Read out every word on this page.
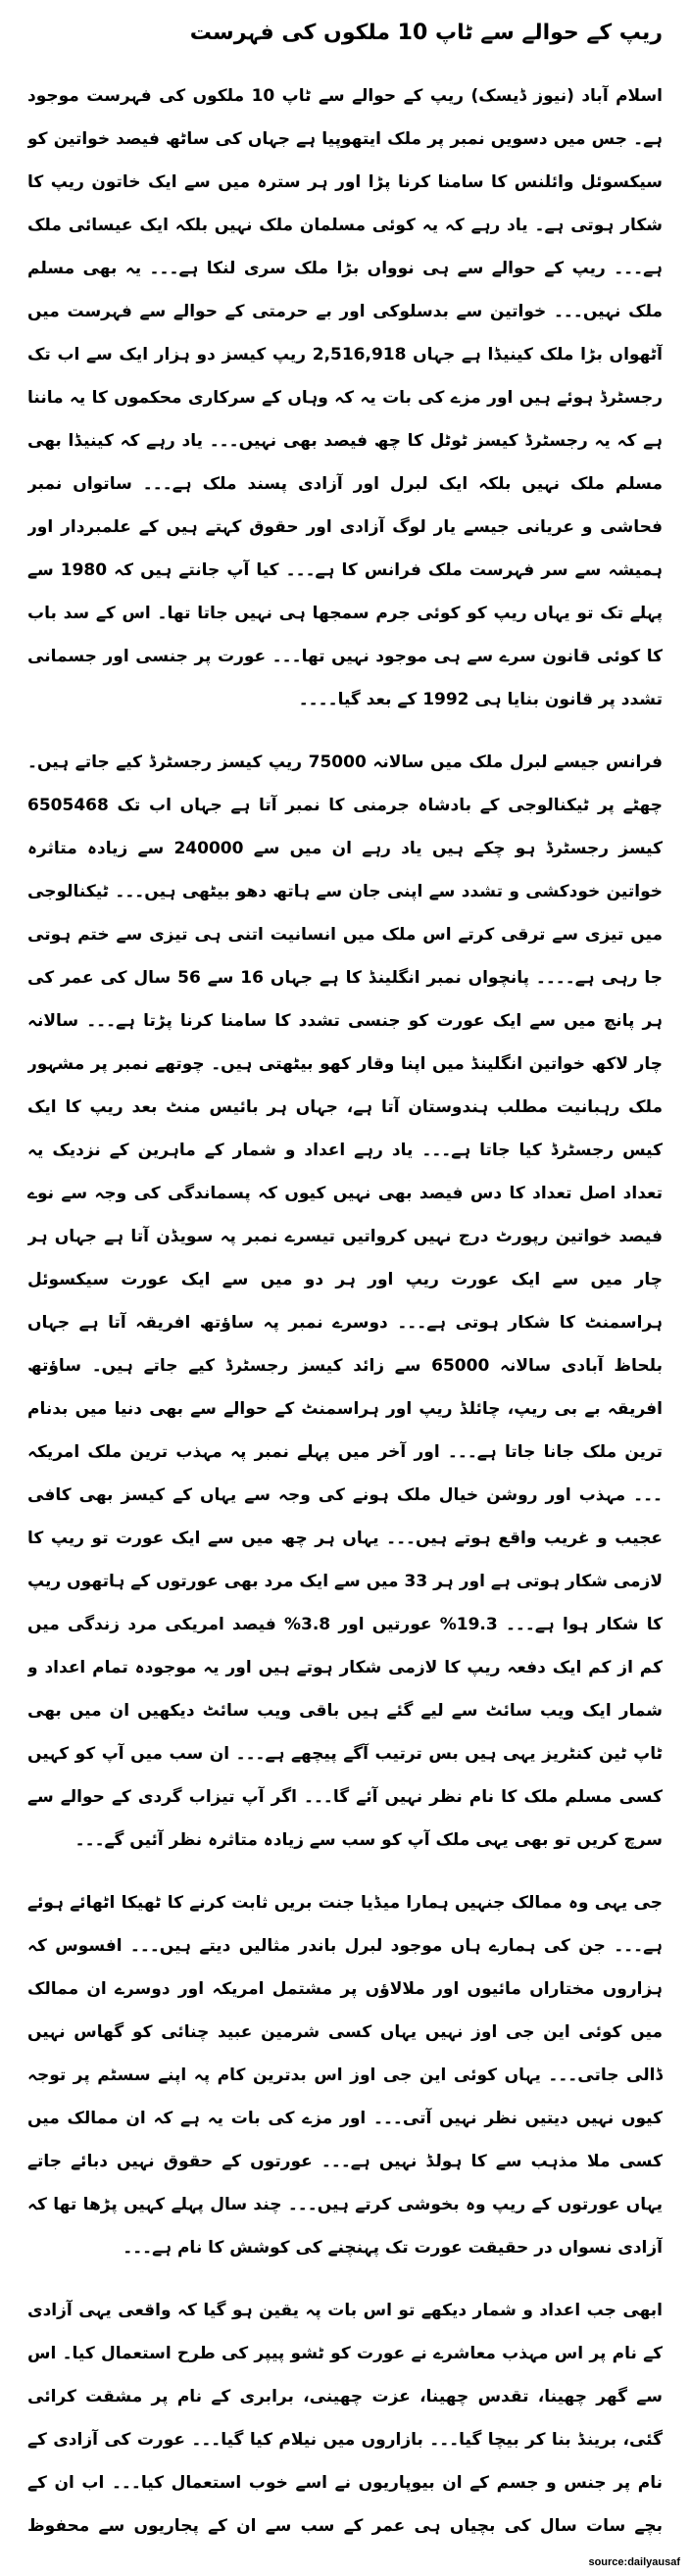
ریپ کے حوالے سے ٹاپ 10 ملکوں کی فہرست

اسلام آباد (نیوز ڈیسک) ریپ کے حوالے سے ٹاپ 10 ملکوں کی فہرست موجود ہے۔ جس میں دسویں نمبر پر ملک ایتھوپیا ہے جہاں کی ساٹھ فیصد خواتین کو سیکسوئل وائلنس کا سامنا کرنا پڑا اور ہر سترہ میں سے ایک خاتون ریپ کا شکار ہوتی ہے۔ یاد رہے کہ یہ کوئی مسلمان ملک نہیں بلکہ ایک عیسائی ملک ہے۔۔۔ ریپ کے حوالے سے ہی نوواں بڑا ملک سری لنکا ہے۔۔۔ یہ بھی مسلم ملک نہیں۔۔۔ خواتین سے بدسلوکی اور بے حرمتی کے حوالے سے فہرست میں آٹھواں بڑا ملک کینیڈا ہے جہاں 2,516,918 ریپ کیسز دو ہزار ایک سے اب تک رجسٹرڈ ہوئے ہیں اور مزے کی بات یہ کہ وہاں کے سرکاری محکموں کا یہ ماننا ہے کہ یہ رجسٹرڈ کیسز ٹوٹل کا چھ فیصد بھی نہیں۔۔۔ یاد رہے کہ کینیڈا بھی مسلم ملک نہیں بلکہ ایک لبرل اور آزادی پسند ملک ہے۔۔۔ ساتواں نمبر فحاشی و عریانی جیسے یار لوگ آزادی اور حقوق کہتے ہیں کے علمبردار اور ہمیشہ سے سر فہرست ملک فرانس کا ہے۔۔۔ کیا آپ جانتے ہیں کہ 1980 سے پہلے تک تو یہاں ریپ کو کوئی جرم سمجھا ہی نہیں جاتا تھا۔ اس کے سد باب کا کوئی قانون سرے سے ہی موجود نہیں تھا۔۔۔ عورت پر جنسی اور جسمانی تشدد پر قانون بنایا ہی 1992 کے بعد گیا۔۔۔۔

فرانس جیسے لبرل ملک میں سالانہ 75000 ریپ کیسز رجسٹرڈ کیے جاتے ہیں۔ چھٹے پر ٹیکنالوجی کے بادشاہ جرمنی کا نمبر آتا ہے جہاں اب تک 6505468 کیسز رجسٹرڈ ہو چکے ہیں یاد رہے ان میں سے 240000 سے زیادہ متاثرہ خواتین خودکشی و تشدد سے اپنی جان سے ہاتھ دھو بیٹھی ہیں۔۔۔ ٹیکنالوجی میں تیزی سے ترقی کرتے اس ملک میں انسانیت اتنی ہی تیزی سے ختم ہوتی جا رہی ہے۔۔۔۔ پانچواں نمبر انگلینڈ کا ہے جہاں 16 سے 56 سال کی عمر کی ہر پانچ میں سے ایک عورت کو جنسی تشدد کا سامنا کرنا پڑتا ہے۔۔۔ سالانہ چار لاکھ خواتین انگلینڈ میں اپنا وقار کھو بیٹھتی ہیں۔ چوتھے نمبر پر مشہور ملک رہبانیت مطلب ہندوستان آتا ہے، جہاں ہر بائیس منٹ بعد ریپ کا ایک کیس رجسٹرڈ کیا جاتا ہے۔۔۔ یاد رہے اعداد و شمار کے ماہرین کے نزدیک یہ تعداد اصل تعداد کا دس فیصد بھی نہیں کیوں کہ پسماندگی کی وجہ سے نوے فیصد خواتین رپورٹ درج نہیں کرواتیں تیسرے نمبر پہ سویڈن آتا ہے جہاں ہر چار میں سے ایک عورت ریپ اور ہر دو میں سے ایک عورت سیکسوئل ہراسمنٹ کا شکار ہوتی ہے۔۔۔ دوسرے نمبر پہ ساؤتھ افریقہ آتا ہے جہاں بلحاظ آبادی سالانہ 65000 سے زائد کیسز رجسٹرڈ کیے جاتے ہیں۔ ساؤتھ افریقہ بے بی ریپ، چائلڈ ریپ اور ہراسمنٹ کے حوالے سے بھی دنیا میں بدنام ترین ملک جانا جاتا ہے۔۔۔ اور آخر میں پہلے نمبر پہ مہذب ترین ملک امریکہ ۔۔۔ مہذب اور روشن خیال ملک ہونے کی وجہ سے یہاں کے کیسز بھی کافی عجیب و غریب واقع ہوتے ہیں۔۔۔ یہاں ہر چھ میں سے ایک عورت تو ریپ کا لازمی شکار ہوتی ہے اور ہر 33 میں سے ایک مرد بھی عورتوں کے ہاتھوں ریپ کا شکار ہوا ہے۔۔۔ 19.3% عورتیں اور 3.8% فیصد امریکی مرد زندگی میں کم از کم ایک دفعہ ریپ کا لازمی شکار ہوتے ہیں اور یہ موجودہ تمام اعداد و شمار ایک ویب سائٹ سے لیے گئے ہیں باقی ویب سائٹ دیکھیں ان میں بھی ٹاپ ٹین کنٹریز یہی ہیں بس ترتیب آگے پیچھے ہے۔۔۔ ان سب میں آپ کو کہیں کسی مسلم ملک کا نام نظر نہیں آئے گا۔۔۔ اگر آپ تیزاب گردی کے حوالے سے سرچ کریں تو بھی یہی ملک آپ کو سب سے زیادہ متاثرہ نظر آئیں گے۔۔۔

جی یہی وہ ممالک جنہیں ہمارا میڈیا جنت بریں ثابت کرنے کا ٹھیکا اٹھائے ہوئے ہے۔۔۔ جن کی ہمارے ہاں موجود لبرل باندر مثالیں دیتے ہیں۔۔۔ افسوس کہ ہزاروں مختاراں مائیوں اور ملالاؤں پر مشتمل امریکہ اور دوسرے ان ممالک میں کوئی این جی اوز نہیں یہاں کسی شرمین عبید چنائی کو گھاس نہیں ڈالی جاتی۔۔۔ یہاں کوئی این جی اوز اس بدترین کام پہ اپنے سسٹم پر توجہ کیوں نہیں دیتیں نظر نہیں آتی۔۔۔ اور مزے کی بات یہ ہے کہ ان ممالک میں کسی ملا مذہب سے کا ہولڈ نہیں ہے۔۔۔ عورتوں کے حقوق نہیں دبائے جاتے یہاں عورتوں کے ریپ وہ بخوشی کرتے ہیں۔۔۔ چند سال پہلے کہیں پڑھا تھا کہ آزادی نسواں در حقیقت عورت تک پہنچنے کی کوشش کا نام ہے۔۔۔

ابھی جب اعداد و شمار دیکھے تو اس بات پہ یقین ہو گیا کہ واقعی یہی آزادی کے نام پر اس مہذب معاشرے نے عورت کو ٹشو پیپر کی طرح استعمال کیا۔ اس سے گھر چھینا، تقدس چھینا، عزت چھینی، برابری کے نام پر مشقت کرائی گئی، برینڈ بنا کر بیچا گیا۔۔۔ بازاروں میں نیلام کیا گیا۔۔۔ عورت کی آزادی کے نام پر جنس و جسم کے ان بیوپاریوں نے اسے خوب استعمال کیا۔۔۔ اب ان کے بچے سات سال کی بچیاں ہی عمر کے سب سے ان کے پجاریوں سے محفوظ

source:dailyausaf
